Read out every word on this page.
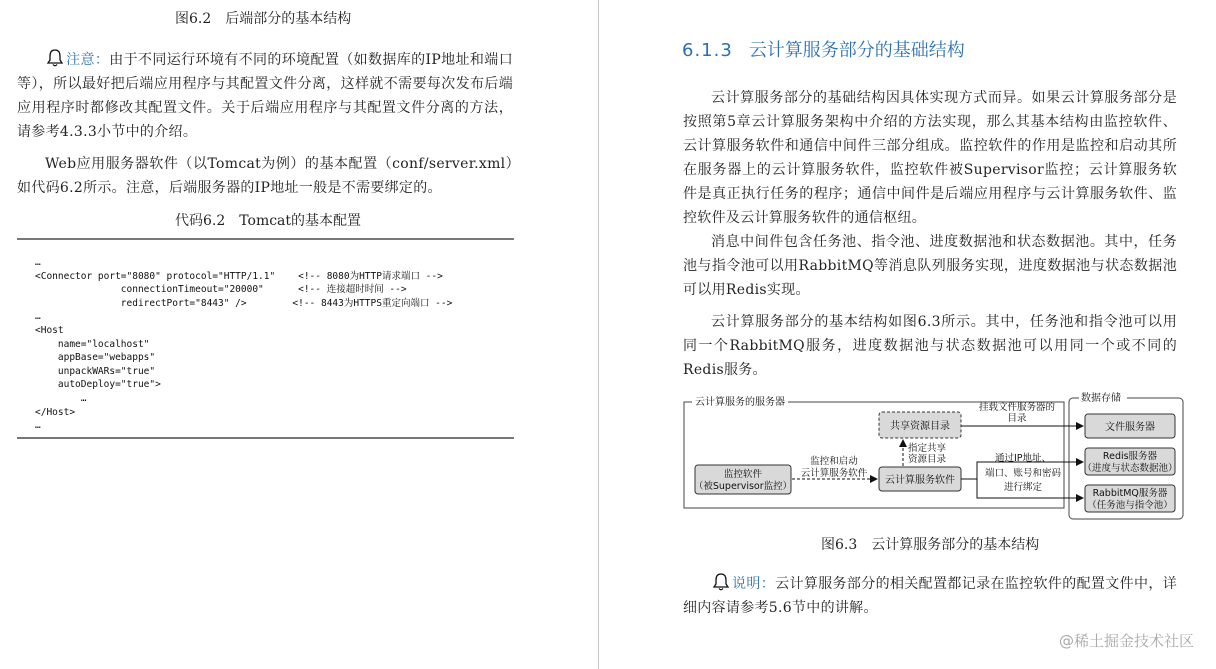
图6.2　后端部分的基本结构

注意：由于不同运行环境有不同的环境配置（如数据库的IP地址和端口等），所以最好把后端应用程序与其配置文件分离，这样就不需要每次发布后端应用程序时都修改其配置文件。关于后端应用程序与其配置文件分离的方法，请参考4.3.3小节中的介绍。

Web应用服务器软件（以Tomcat为例）的基本配置（conf/server.xml）如代码6.2所示。注意，后端服务器的IP地址一般是不需要绑定的。

代码6.2　Tomcat的基本配置
…
<Connector port="8080" protocol="HTTP/1.1"    <!-- 8080为HTTP请求端口 -->
connectionTimeout="20000"      <!-- 连接超时时间 -->
redirectPort="8443" />        <!-- 8443为HTTPS重定向端口 -->
…
<Host
name="localhost"
appBase="webapps"
unpackWARs="true"
autoDeploy="true">
…
</Host>
…
6.1.3 云计算服务部分的基础结构

云计算服务部分的基础结构因具体实现方式而异。如果云计算服务部分是按照第5章云计算服务架构中介绍的方法实现，那么其基本结构由监控软件、云计算服务软件和通信中间件三部分组成。监控软件的作用是监控和启动其所在服务器上的云计算服务软件，监控软件被Supervisor监控；云计算服务软件是真正执行任务的程序；通信中间件是后端应用程序与云计算服务软件、监控软件及云计算服务软件的通信枢纽。

消息中间件包含任务池、指令池、进度数据池和状态数据池。其中，任务池与指令池可以用RabbitMQ等消息队列服务实现，进度数据池与状态数据池可以用Redis实现。

云计算服务部分的基本结构如图6.3所示。其中，任务池和指令池可以用同一个RabbitMQ服务，进度数据池与状态数据池可以用同一个或不同的Redis服务。

云计算服务的服务器	数据存储
共享资源目录
监控软件
（被Supervisor监控）
云计算服务软件
文件服务器
Redis服务器
（进度与状态数据池）
RabbitMQ服务器
（任务池与指令池）
挂载文件服务器的
目录
指定共享
资源目录
监控和启动
云计算服务软件
通过IP地址、
端口、账号和密码
进行绑定
图6.3　云计算服务部分的基本结构

说明：云计算服务部分的相关配置都记录在监控软件的配置文件中，详细内容请参考5.6节中的讲解。

@稀土掘金技术社区
